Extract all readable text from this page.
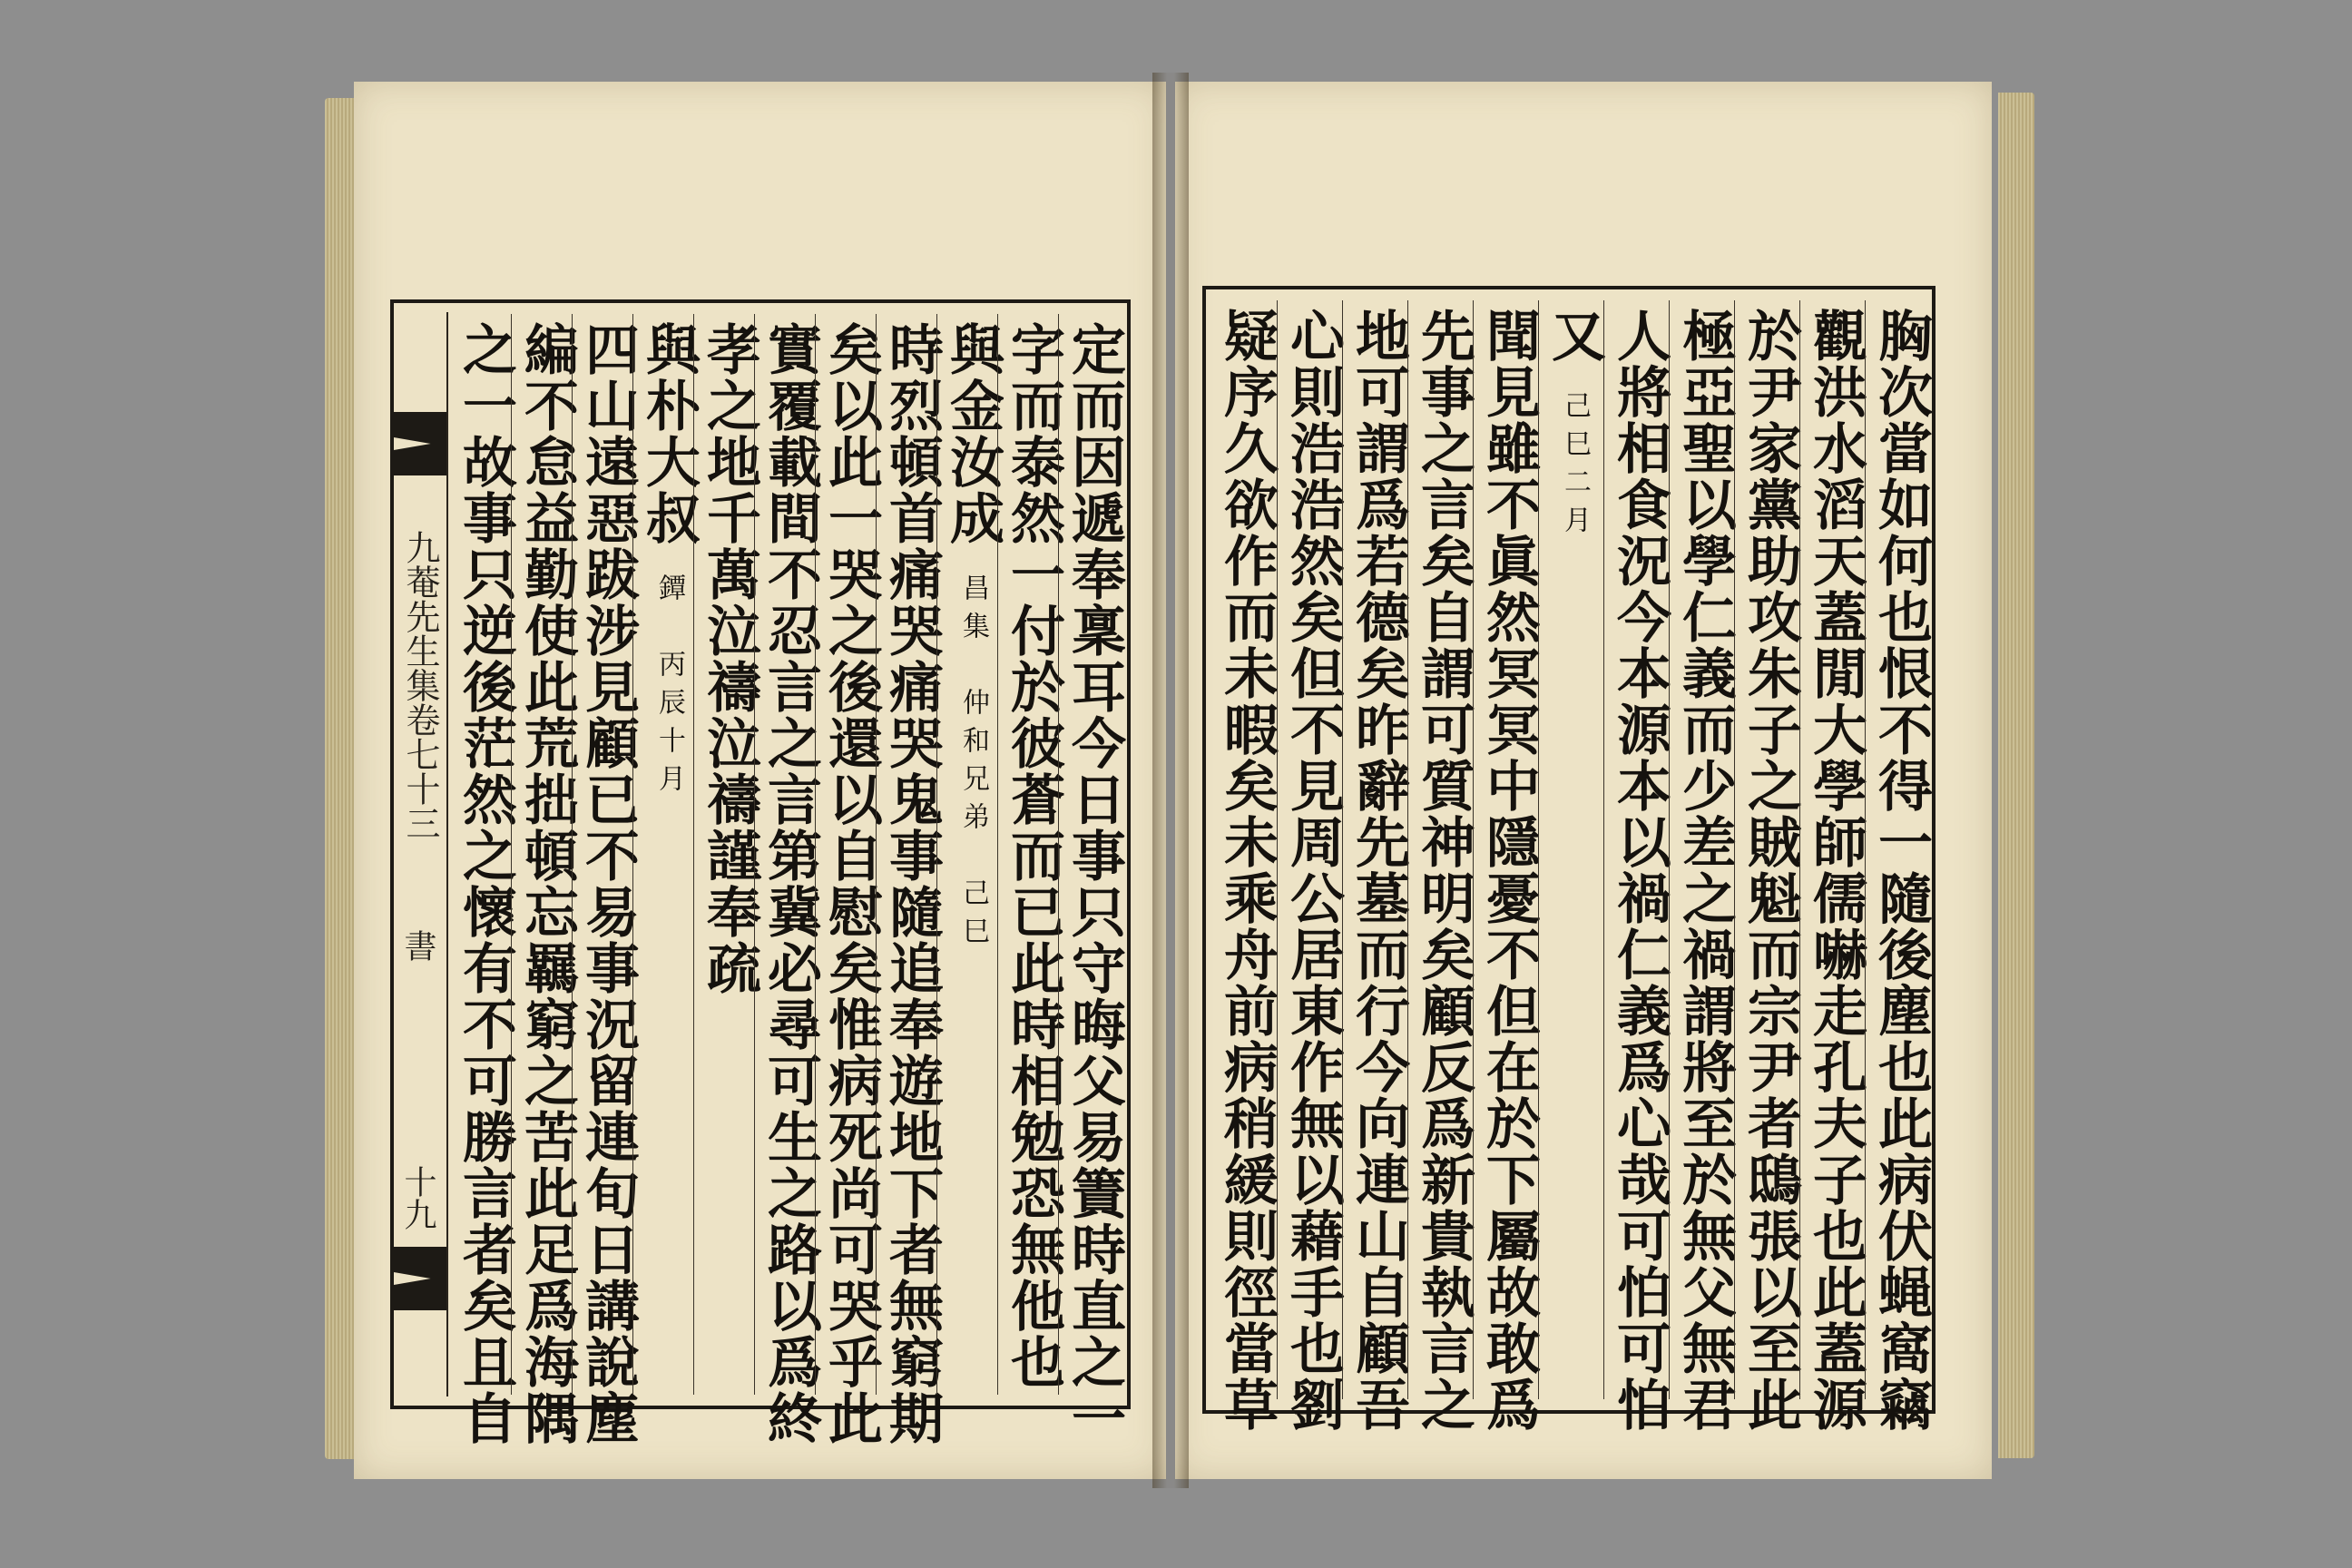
九菴先生集卷七十三
書
十九 之一故事只逆後茫然之懷有不可勝言者矣且自
編不怠益勤使此荒拙頓忘羈窮之苦此足爲海隅
四山遠惡跋涉見顧已不易事況留連旬日講說塵
與朴大叔鐔　丙辰十月 孝之地千萬泣禱泣禱謹奉疏
實覆載間不忍言之言第冀必尋可生之路以爲終
矣以此一哭之後還以自慰矣惟病死尚可哭乎此
時烈頓首痛哭痛哭鬼事隨追奉遊地下者無窮期
與金汝成昌集　仲和兄弟　己巳 字而泰然一付於彼蒼而已此時相勉恐無他也
定而因遞奉稟耳今日事只守晦父易簀時直之一 疑序久欲作而未暇矣未乘舟前病稍緩則徑當草 心則浩浩然矣但不見周公居東作無以藉手也劉 地可謂爲若德矣昨辭先墓而行今向連山自顧吾 先事之言矣自謂可質神明矣顧反爲新貴執言之 聞見雖不眞然冥冥中隱憂不但在於下屬故敢爲 又己巳二月 人將相食況今本源本以禍仁義爲心哉可怕可怕 極亞聖以學仁義而少差之禍謂將至於無父無君 於尹家黨助攻朱子之賊魁而宗尹者鴟張以至此 觀洪水滔天蓋閒大學師儒嚇走孔夫子也此蓋源 胸次當如何也恨不得一隨後塵也此病伏蝇窩竊
